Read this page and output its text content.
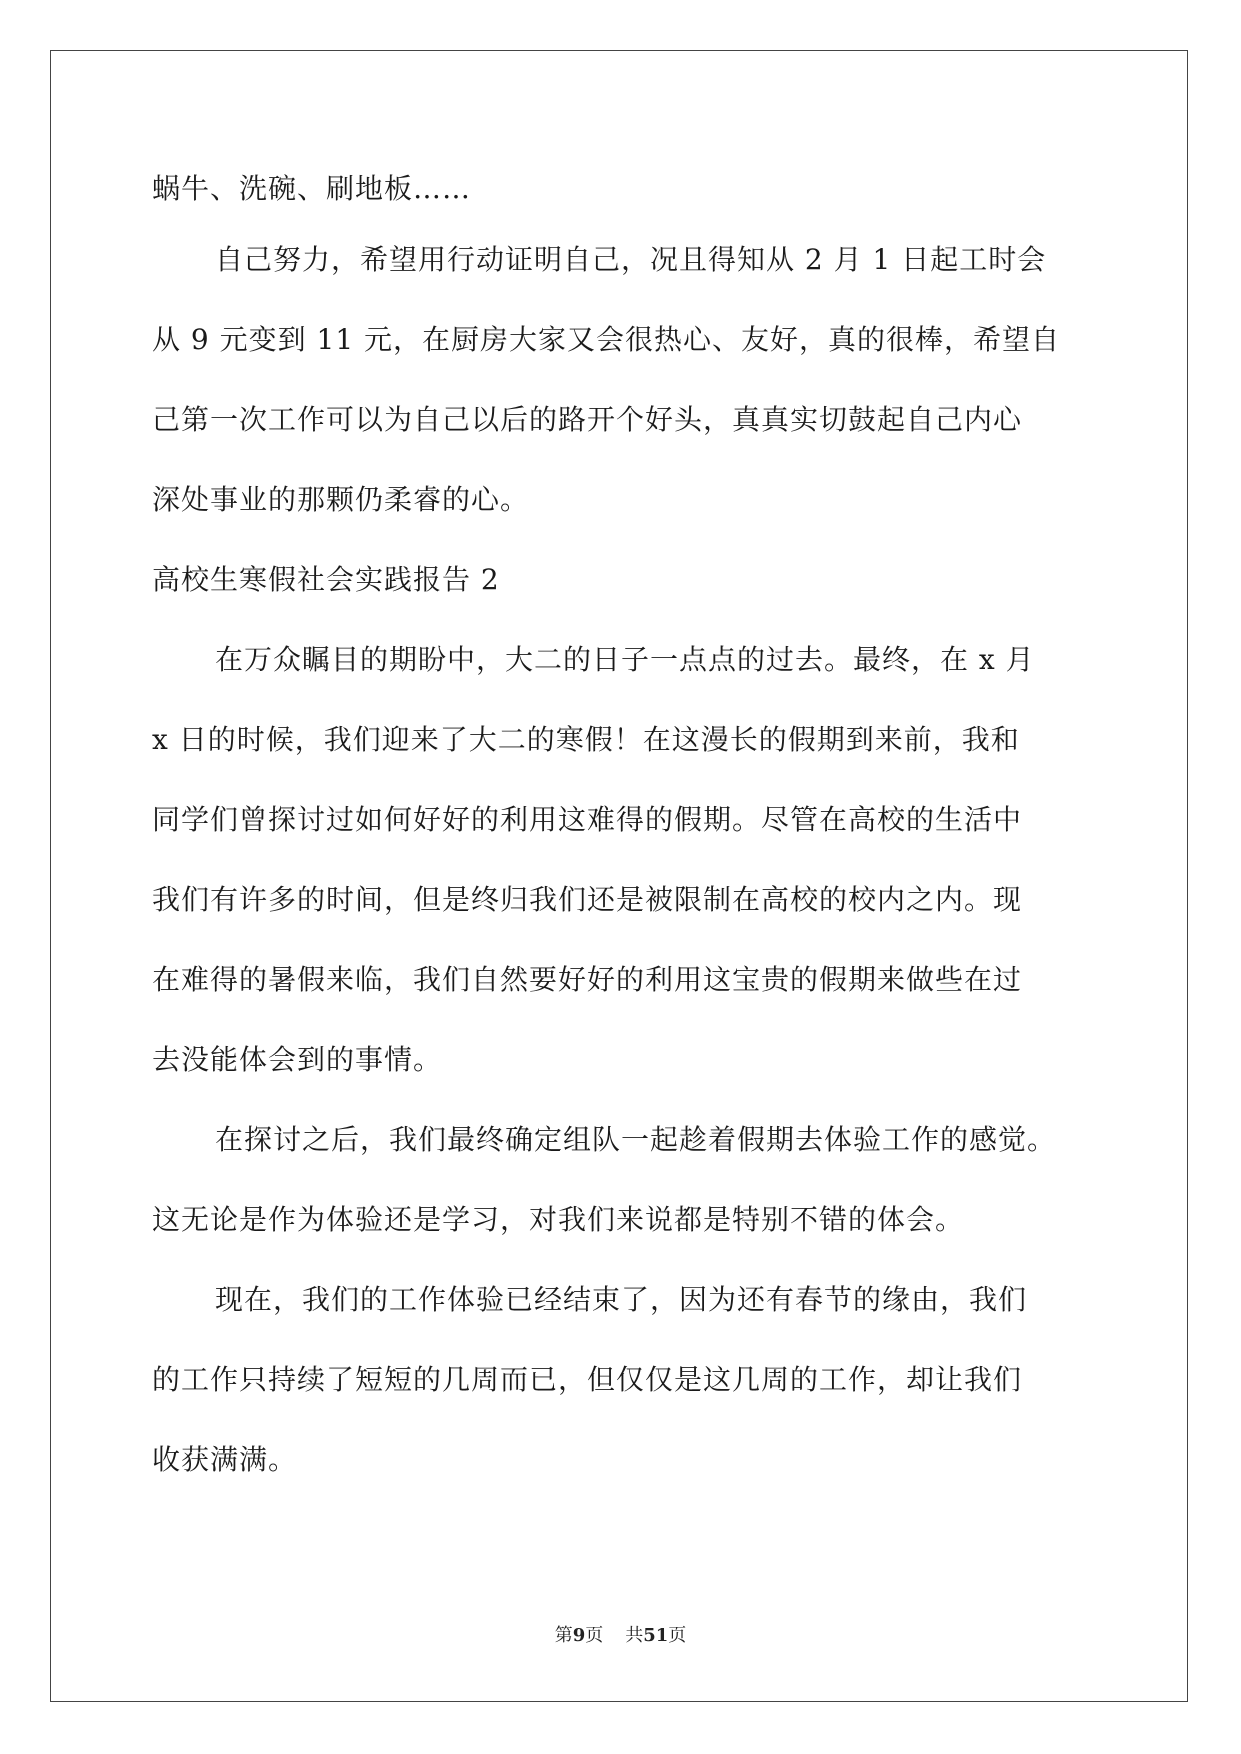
蜗牛、洗碗、刷地板……
自己努力，希望用行动证明自己，况且得知从 2 月 1 日起工时会
从 9 元变到 11 元，在厨房大家又会很热心、友好，真的很棒，希望自
己第一次工作可以为自己以后的路开个好头，真真实切鼓起自己内心
深处事业的那颗仍柔睿的心。
高校生寒假社会实践报告 2
在万众瞩目的期盼中，大二的日子一点点的过去。最终，在 x 月
x 日的时候，我们迎来了大二的寒假！在这漫长的假期到来前，我和
同学们曾探讨过如何好好的利用这难得的假期。尽管在高校的生活中
我们有许多的时间，但是终归我们还是被限制在高校的校内之内。现
在难得的暑假来临，我们自然要好好的利用这宝贵的假期来做些在过
去没能体会到的事情。
在探讨之后，我们最终确定组队一起趁着假期去体验工作的感觉。
这无论是作为体验还是学习，对我们来说都是特别不错的体会。
现在，我们的工作体验已经结束了，因为还有春节的缘由，我们
的工作只持续了短短的几周而已，但仅仅是这几周的工作，却让我们
收获满满。
第9页 共51页
